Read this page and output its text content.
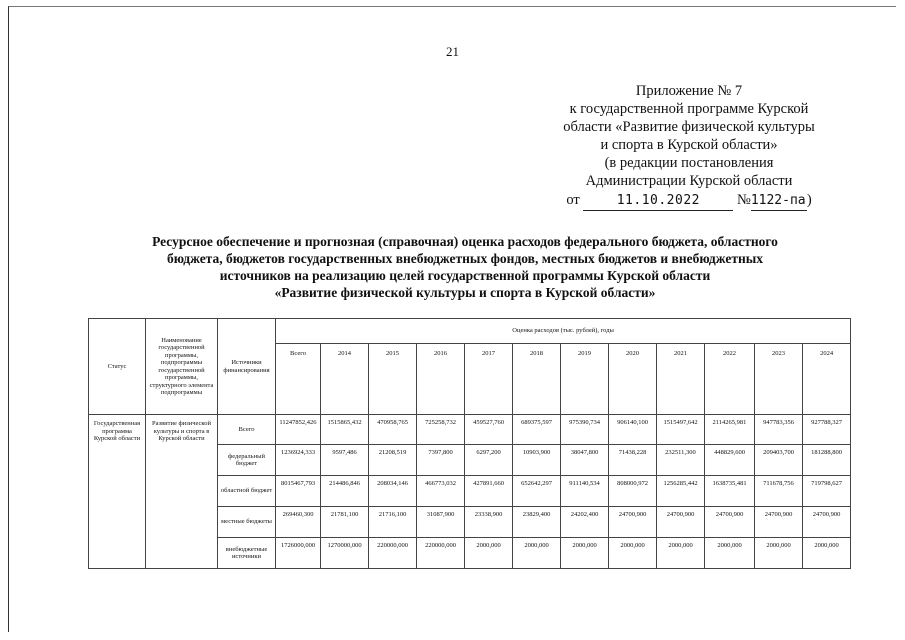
21
Приложение № 7
к государственной программе Курской
области «Развитие физической культуры
и спорта в Курской области»
(в редакции постановления
Администрации Курской области
от	11.10.2022	№1122-па)
Ресурсное обеспечение и прогнозная (справочная) оценка расходов федерального бюджета, областного
бюджета, бюджетов государственных внебюджетных фондов, местных бюджетов и внебюджетных
источников на реализацию целей государственной программы Курской области
«Развитие физической культуры и спорта в Курской области»
Статус	Наименование государственной программы, подпрограммы государственной программы, структурного элемента подпрограммы	Источники финансирования	Оценка расходов (тыс. рублей), годы											
			Всего	2014	2015	2016	2017	2018	2019	2020	2021	2022	2023	2024
Государственная программа Курской области	Развитие физической культуры и спорта в Курской области	Всего	11247852,426	1515865,432	470958,765	725258,732	459527,760	689375,597	975390,734	906140,100	1515497,642	2114265,981	947783,356	927788,327
		федеральный бюджет	1236924,333	9597,486	21208,519	7397,800	6297,200	10903,900	38047,800	71438,228	232511,300	448829,600	209403,700	181288,800
		областной бюджет	8015467,793	214486,846	208034,146	466773,032	427891,660	652642,297	911140,534	808000,972	1256285,442	1638735,481	711678,756	719798,627
		местные бюджеты	269460,300	21781,100	21716,100	31087,900	23338,900	23829,400	24202,400	24700,900	24700,900	24700,900	24700,900	24700,900
		внебюджетные источники	1726000,000	1270000,000	220000,000	220000,000	2000,000	2000,000	2000,000	2000,000	2000,000	2000,000	2000,000	2000,000
